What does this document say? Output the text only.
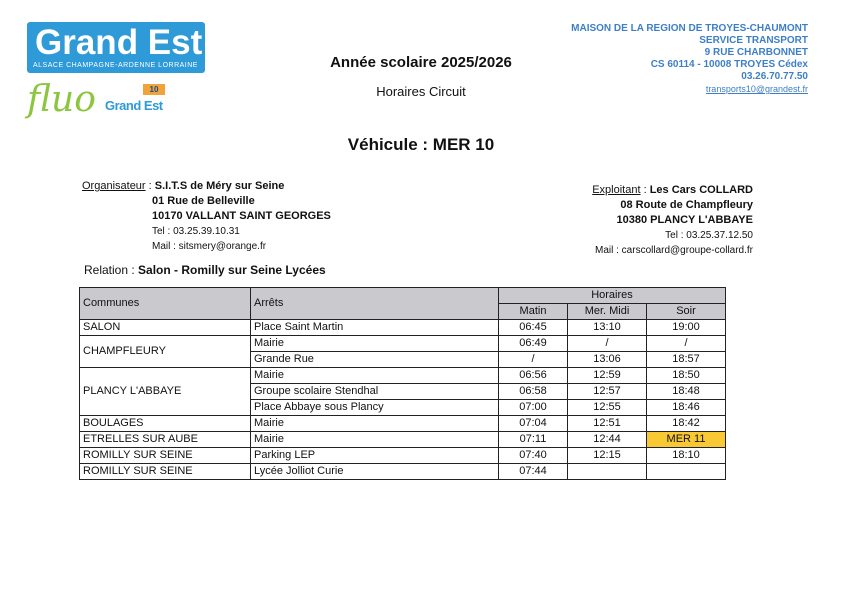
Grand Est
ALSACE CHAMPAGNE-ARDENNE LORRAINE
fluo	10
Grand Est
Année scolaire 2025/2026
Horaires Circuit
Véhicule : MER 10
MAISON DE LA REGION DE TROYES-CHAUMONT
SERVICE TRANSPORT
9 RUE CHARBONNET
CS 60114 - 10008 TROYES Cédex
03.26.70.77.50
transports10@grandest.fr
Organisateur : S.I.T.S de Méry sur Seine
01 Rue de Belleville
10170 VALLANT SAINT GEORGES
Tel : 03.25.39.10.31
Mail : sitsmery@orange.fr
Exploitant : Les Cars COLLARD
08 Route de Champfleury
10380 PLANCY L'ABBAYE
Tel : 03.25.37.12.50
Mail : carscollard@groupe-collard.fr
Relation : Salon - Romilly sur Seine Lycées
Communes	Arrêts	Horaires		
		Matin	Mer. Midi	Soir
SALON	Place Saint Martin	06:45	13:10	19:00
CHAMPFLEURY	Mairie	06:49	/	/
	Grande Rue	/	13:06	18:57
PLANCY L'ABBAYE	Mairie	06:56	12:59	18:50
	Groupe scolaire Stendhal	06:58	12:57	18:48
	Place Abbaye sous Plancy	07:00	12:55	18:46
BOULAGES	Mairie	07:04	12:51	18:42
ETRELLES SUR AUBE	Mairie	07:11	12:44	MER 11
ROMILLY SUR SEINE	Parking LEP	07:40	12:15	18:10
ROMILLY SUR SEINE	Lycée Jolliot Curie	07:44		
